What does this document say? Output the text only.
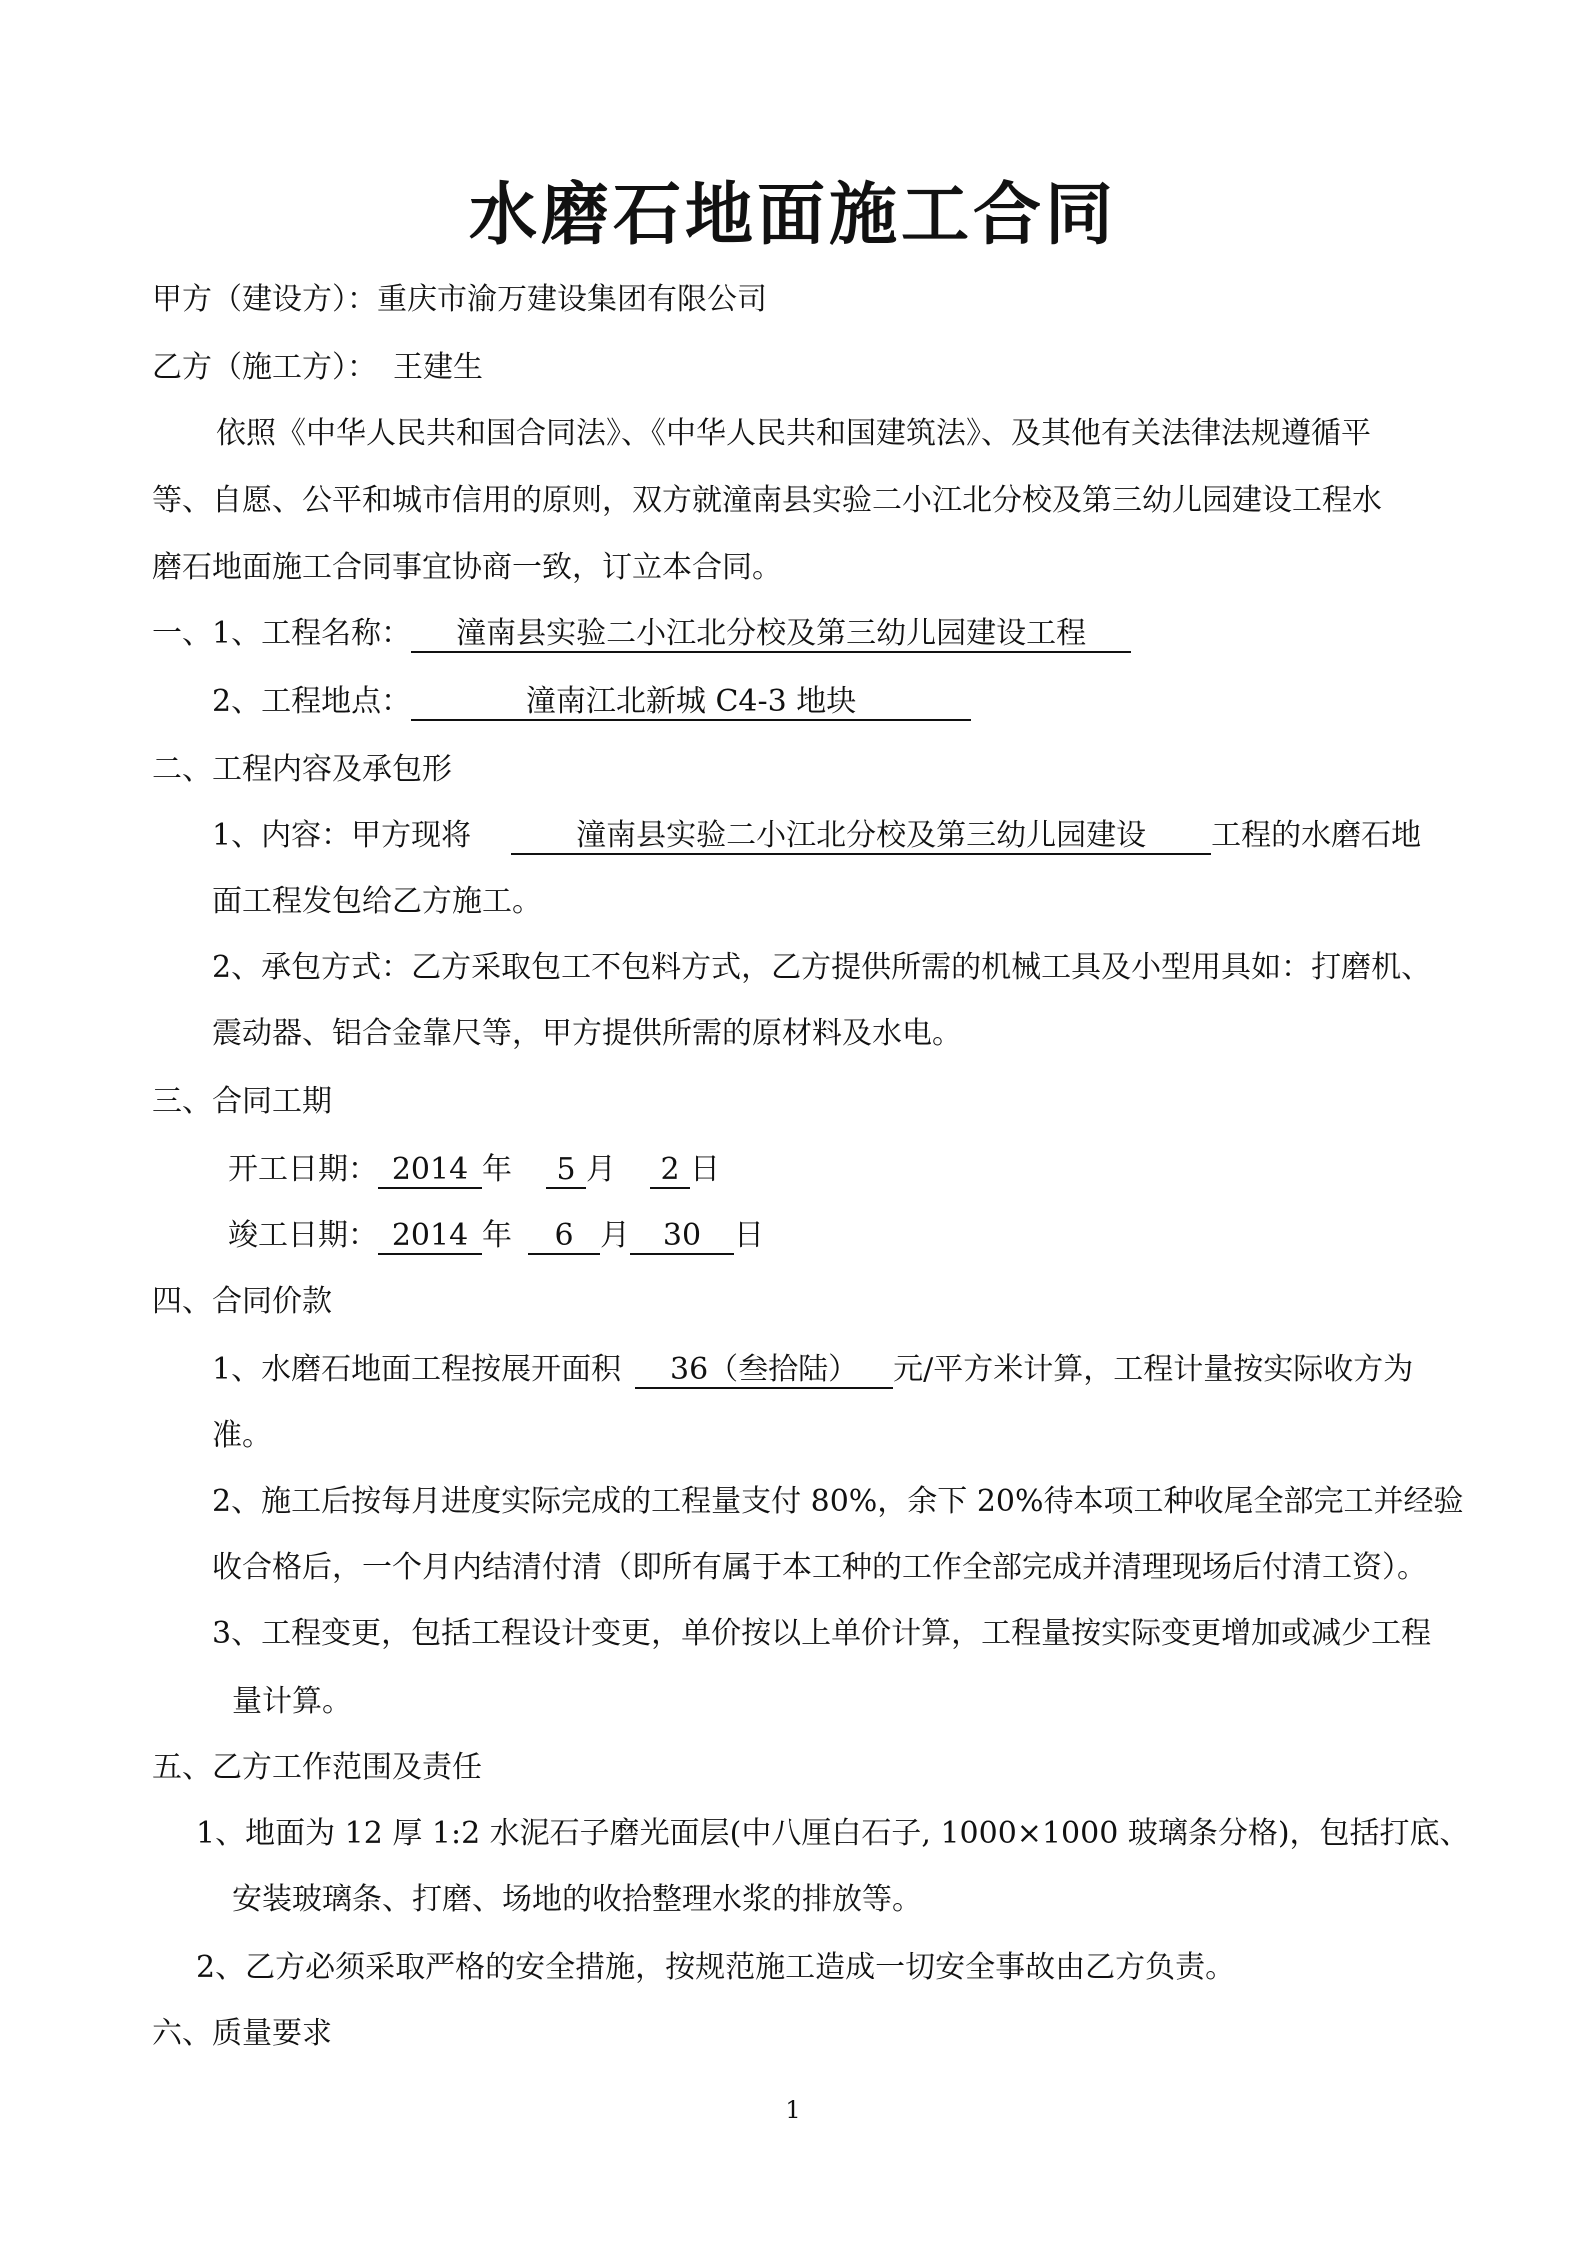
水磨石地面施工合同
甲方（建设方）：重庆市渝万建设集团有限公司
乙方（施工方）： 王建生
依照《中华人民共和国合同法》、《中华人民共和国建筑法》、及其他有关法律法规遵循平
等、自愿、公平和城市信用的原则，双方就潼南县实验二小江北分校及第三幼儿园建设工程水
磨石地面施工合同事宜协商一致，订立本合同。
一、1、工程名称： 潼南县实验二小江北分校及第三幼儿园建设工程
2、工程地点：	潼南江北新城 C4-3 地块
二、工程内容及承包形
1、内容：甲方现将	潼南县实验二小江北分校及第三幼儿园建设 工程的水磨石地
面工程发包给乙方施工。
2、承包方式：乙方采取包工不包料方式，乙方提供所需的机械工具及小型用具如：打磨机、
震动器、铝合金靠尺等，甲方提供所需的原材料及水电。
三、合同工期
开工日期： 2014 年 5 月 2 日
竣工日期： 2014 年 6 月 30 日
四、合同价款
1、水磨石地面工程按展开面积 36（叁拾陆） 元/平方米计算，工程计量按实际收方为
准。
2、施工后按每月进度实际完成的工程量支付 80%，余下 20%待本项工种收尾全部完工并经验
收合格后，一个月内结清付清（即所有属于本工种的工作全部完成并清理现场后付清工资）。
3、工程变更，包括工程设计变更，单价按以上单价计算，工程量按实际变更增加或减少工程
量计算。
五、乙方工作范围及责任
1、地面为 12 厚 1:2 水泥石子磨光面层(中八厘白石子, 1000×1000 玻璃条分格)，包括打底、
安装玻璃条、打磨、场地的收拾整理水浆的排放等。
2、乙方必须采取严格的安全措施，按规范施工造成一切安全事故由乙方负责。
六、质量要求
1
